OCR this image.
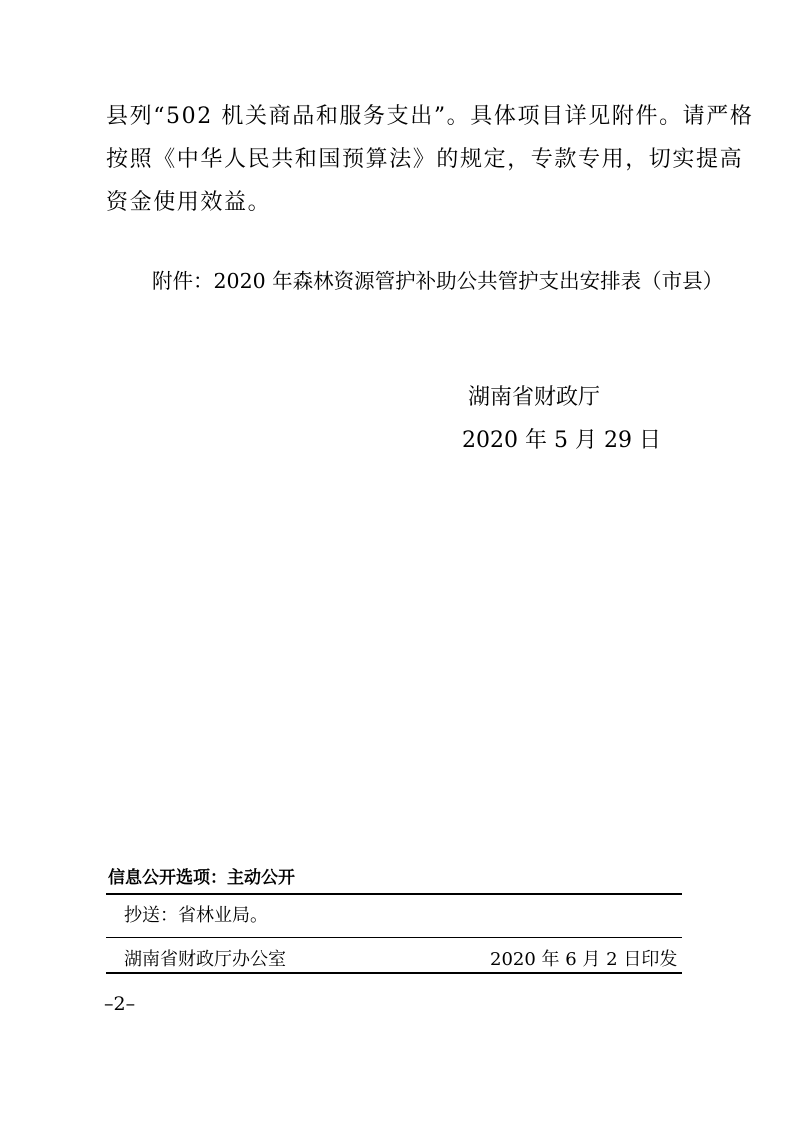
县列“502 机关商品和服务支出”。具体项目详见附件。请严格
按照《中华人民共和国预算法》的规定，专款专用，切实提高
资金使用效益。
附件：2020 年森林资源管护补助公共管护支出安排表（市县）
湖南省财政厅
2020 年 5 月 29 日
信息公开选项：主动公开
抄送：省林业局。
湖南省财政厅办公室	2020 年 6 月 2 日印发
–2–
